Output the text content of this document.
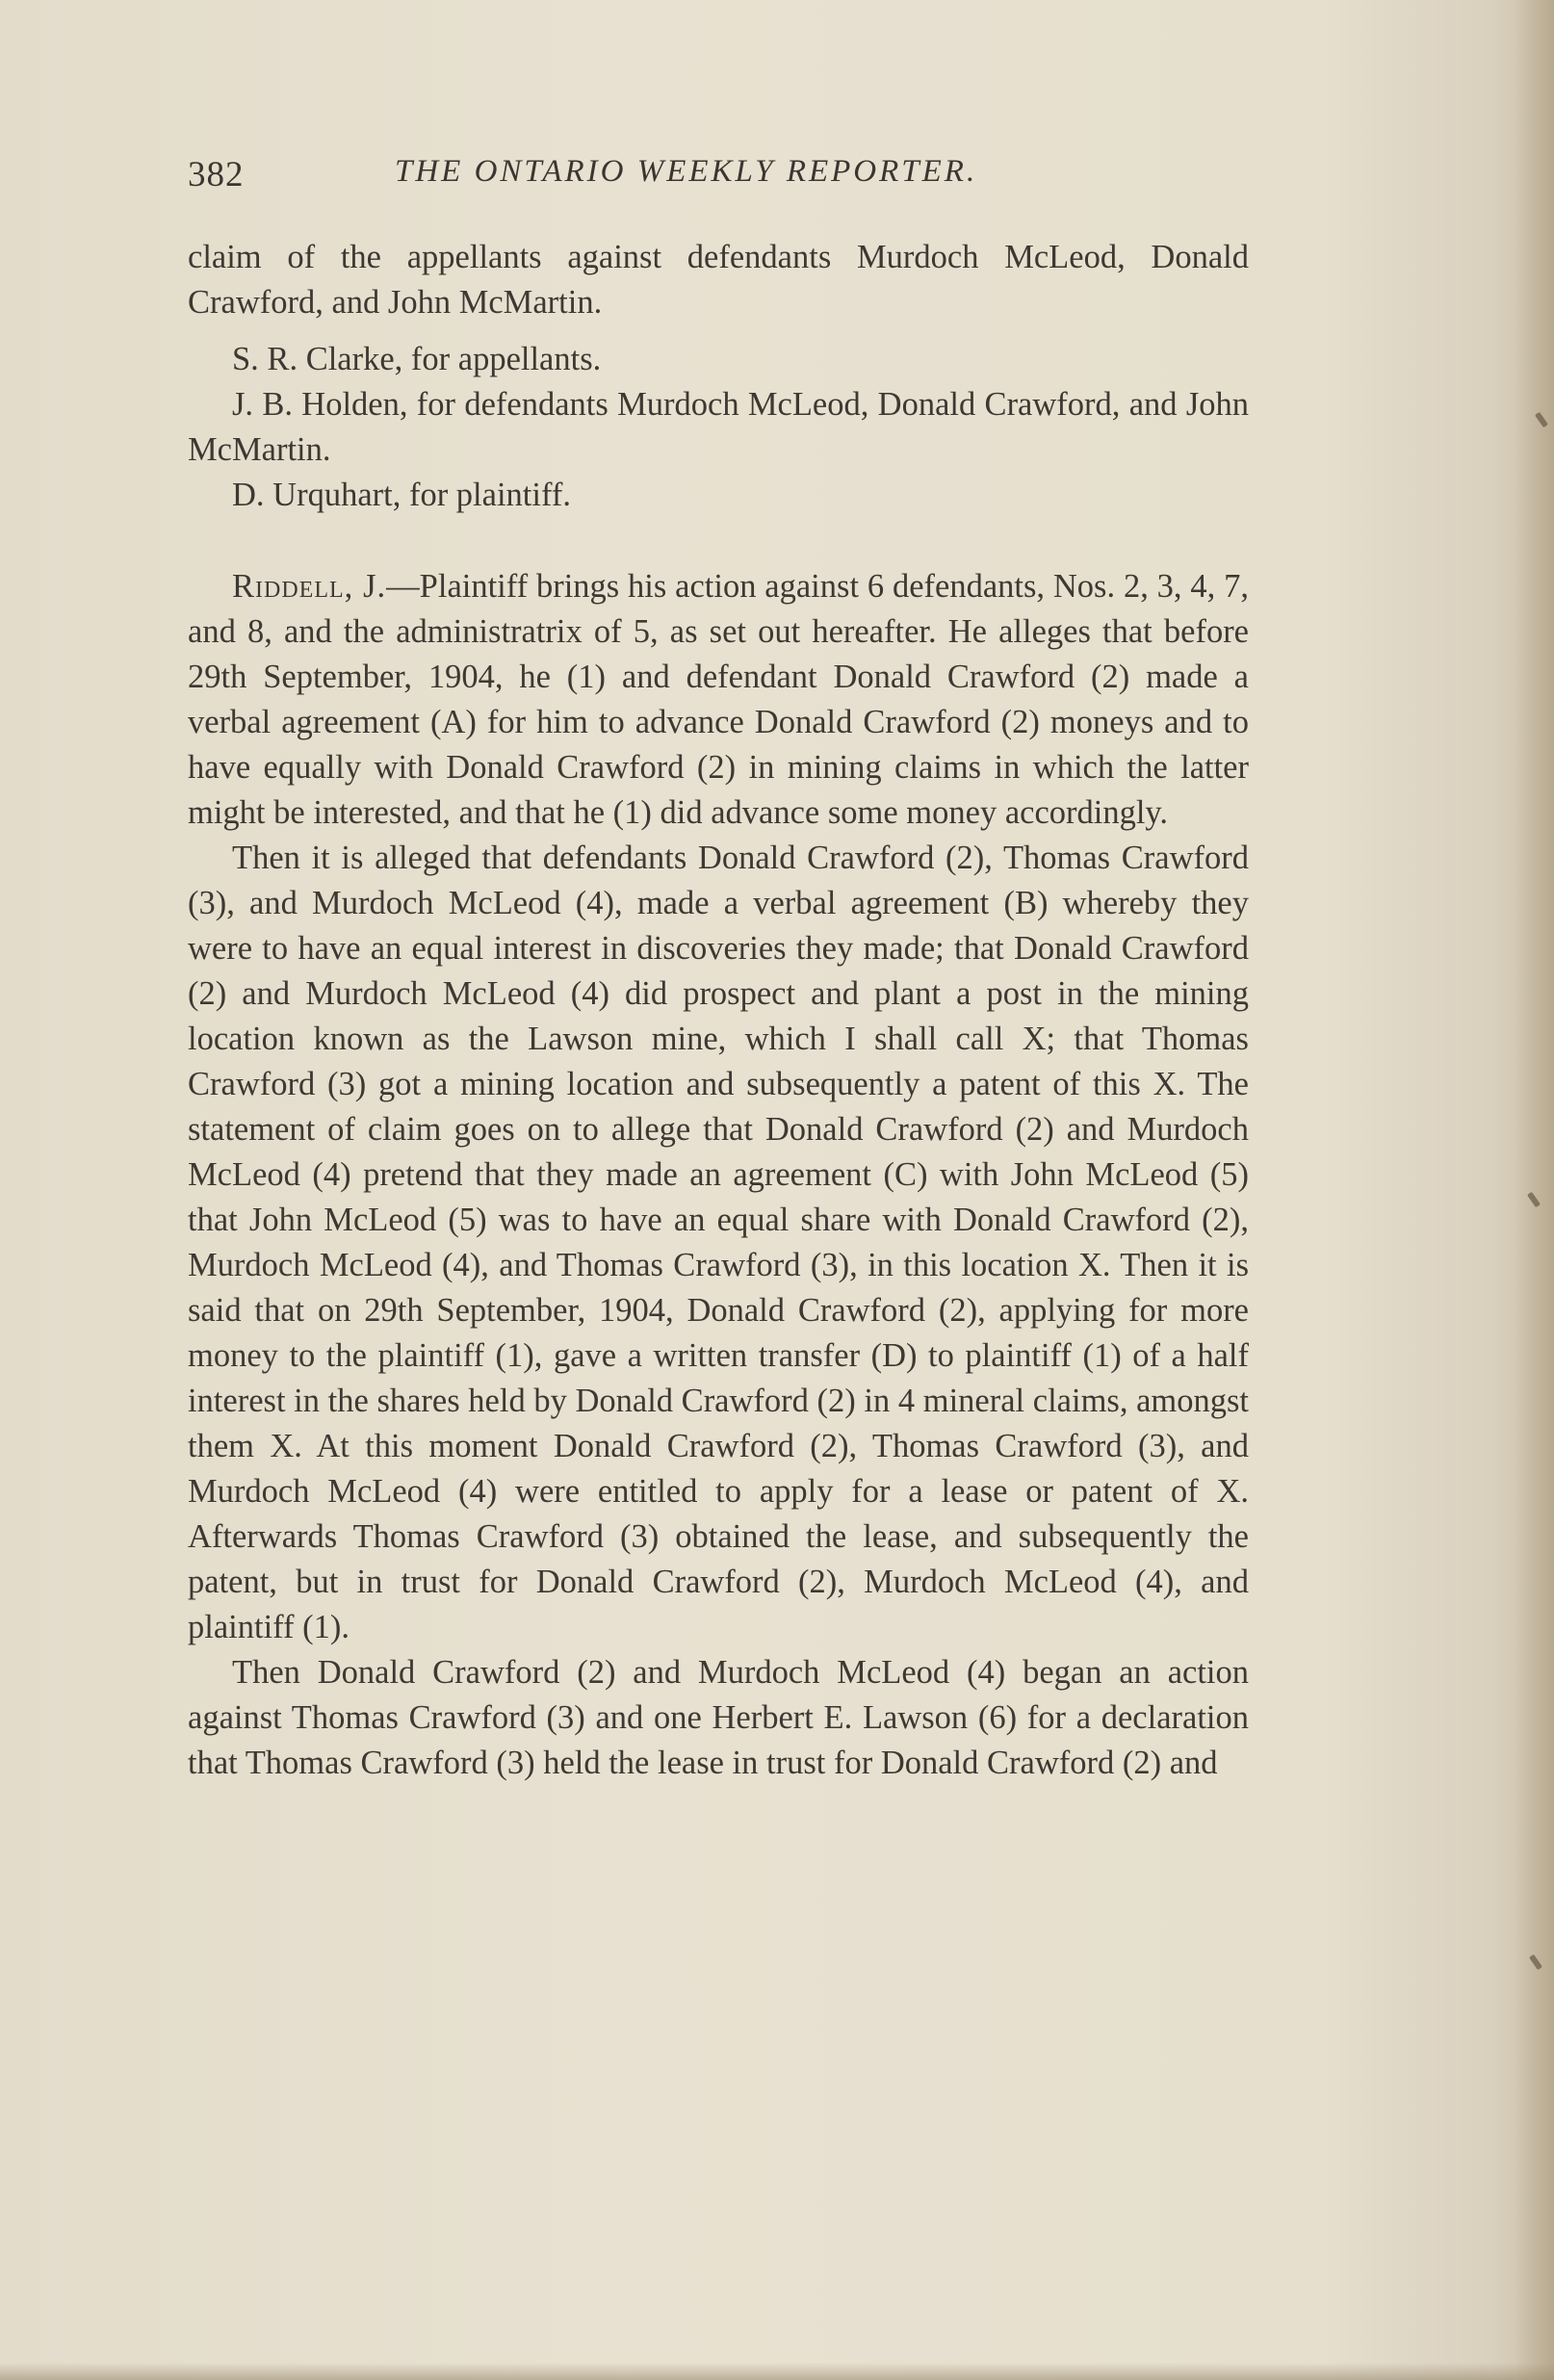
382	THE ONTARIO WEEKLY REPORTER.

claim of the appellants against defendants Murdoch McLeod, Donald Crawford, and John McMartin.

S. R. Clarke, for appellants.

J. B. Holden, for defendants Murdoch McLeod, Donald Crawford, and John McMartin.

D. Urquhart, for plaintiff.

Riddell, J.—Plaintiff brings his action against 6 defendants, Nos. 2, 3, 4, 7, and 8, and the administratrix of 5, as set out hereafter. He alleges that before 29th September, 1904, he (1) and defendant Donald Crawford (2) made a verbal agreement (A) for him to advance Donald Crawford (2) moneys and to have equally with Donald Crawford (2) in mining claims in which the latter might be interested, and that he (1) did advance some money accordingly.

Then it is alleged that defendants Donald Crawford (2), Thomas Crawford (3), and Murdoch McLeod (4), made a verbal agreement (B) whereby they were to have an equal interest in discoveries they made; that Donald Crawford (2) and Murdoch McLeod (4) did prospect and plant a post in the mining location known as the Lawson mine, which I shall call X; that Thomas Crawford (3) got a mining location and subsequently a patent of this X. The statement of claim goes on to allege that Donald Crawford (2) and Murdoch McLeod (4) pretend that they made an agreement (C) with John McLeod (5) that John McLeod (5) was to have an equal share with Donald Crawford (2), Murdoch McLeod (4), and Thomas Crawford (3), in this location X. Then it is said that on 29th September, 1904, Donald Crawford (2), applying for more money to the plaintiff (1), gave a written transfer (D) to plaintiff (1) of a half interest in the shares held by Donald Crawford (2) in 4 mineral claims, amongst them X. At this moment Donald Crawford (2), Thomas Crawford (3), and Murdoch McLeod (4) were entitled to apply for a lease or patent of X. Afterwards Thomas Crawford (3) obtained the lease, and subsequently the patent, but in trust for Donald Crawford (2), Murdoch McLeod (4), and plaintiff (1).

Then Donald Crawford (2) and Murdoch McLeod (4) began an action against Thomas Crawford (3) and one Herbert E. Lawson (6) for a declaration that Thomas Crawford (3) held the lease in trust for Donald Crawford (2) and
